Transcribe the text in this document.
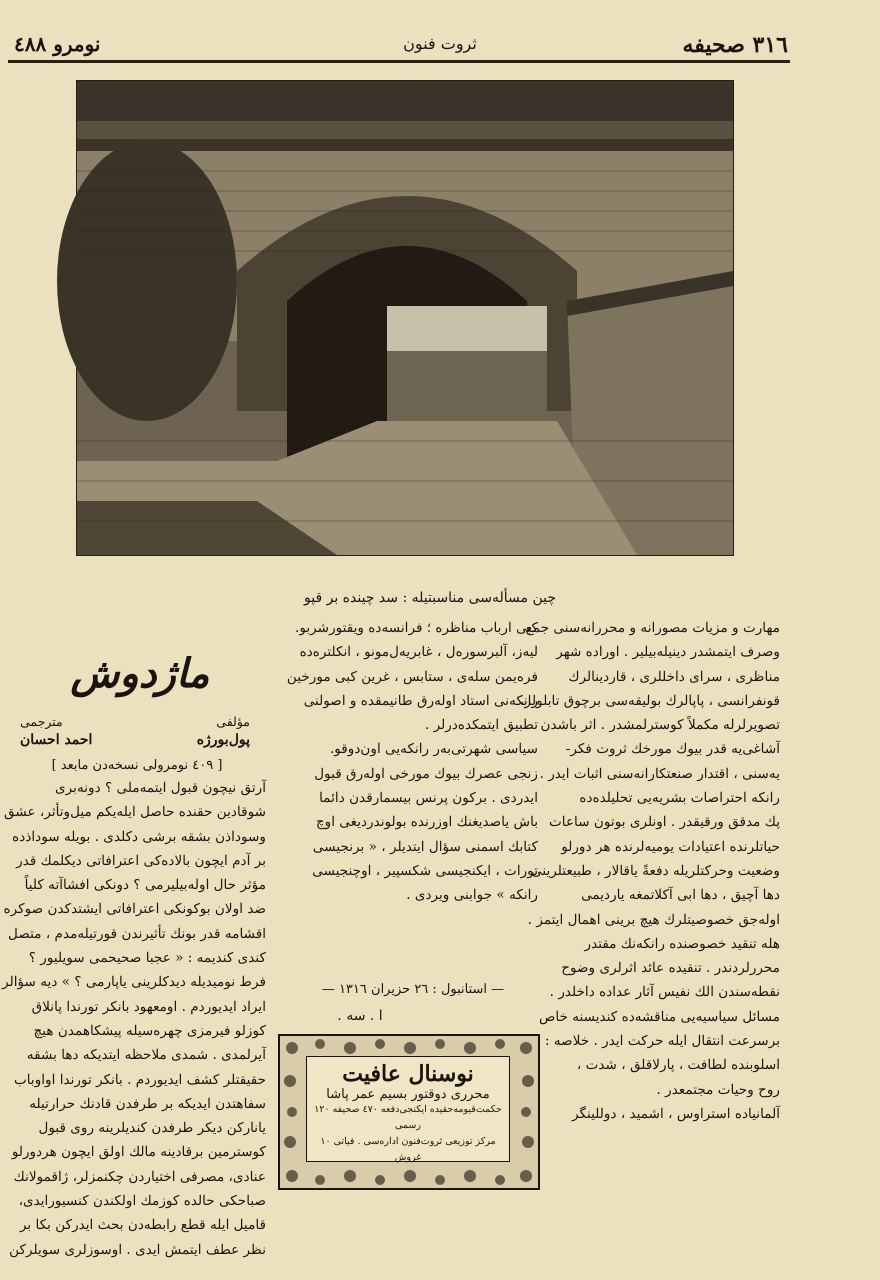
نومرو ٤٨٨	ثروت فنون	٣١٦ صحيفه
چین مسأله‌سی مناسبتیله : سد چینده بر قپو
مهارت و مزیات مصورانه و محررانه‌سنی جمع
وصرف ایتمشدر دینیله‌بیلیر . اوراده شهر
مناظری ، سرای داخللری ، قاردینالرك
قونفرانسی ، پاپالرك بولیقه‌سی برچوق تابلولر،
تصویرلرله مکملاً کوسترلمشدر . اثر باشدن
آشاغی‌یه قدر بیوك مورخك ثروت فکر-
یه‌سنی ، اقتدار صنعتکارانه‌سنی اثبات ایدر .
رانکه احتراصات بشریه‌یی تحلیلده‌ده
پك مدقق ورقیقدر . اونلری بوتون ساعات
حیاتلرنده اعتیادات یومیه‌لرنده هر دورلو
وضعیت وحرکتلریله دفعةً یاقالار ، طبیعتلرینی
دها آچیق ، دها ابی آکلاتمغه یاردیمی
اوله‌جق خصوصیتلرك هیچ برینی اهمال ایتمز .
هله تنقید خصوصنده رانکه‌نك مقتدر
محررلردندر . تنقیده عائد اثرلری وضوح
نقطه‌سندن الك نفیس آثار عداده داخلدر .
مسائل سیاسیه‌یی مناقشه‌ده کندیسنه خاص
برسرعت انتقال ایله حرکت ایدر . خلاصه :
اسلوبنده لطافت ، پارلاقلق ، شدت ،
روح وحیات مجتمعدر .
آلمانیاده استراوس ، اشمید ، دوللینگر
کبی ارباب مناظره ؛ فرانسه‌ده ویقتورشربو.
لیه‌ز، آلبرسورەل ، غابریه‌ل‌مونو ، انکلتره‌ده
فره‌یمن سله‌ی ، ستابس ، غرین کبی مورخین
رانکه‌نی استاد اوله‌رق طانیمقده و اصولنی
تطبیق ایتمکده‌درلر .
سیاسی شهرتی‌بەر رانکه‌یی اون‌دوقو.
زنجی عصرك بیوك مورخی اوله‌رق قبول
ایدردی . برکون پرنس بیسمارقدن دائما
باش یاصدیغنك اوزرنده بولوندردیغی اوچ
کتابك اسمنی سؤال ایتدیلر ، « برنجیسی
تورات ، ایکنجیسی شکسپیر ، اوچنجیسی
رانکه » جوابنی ویردی .
— استانبول : ٢٦ حزیران ١٣١٦ —
ا . سه .
نوسنال عافیت
محرری دوقتور بسیم عمر پاشا
حکمت‌قیومه‌حقیده ایکنجی‌دفعه ٤٧٠ صحیفه ١٢٠ رسمی
مرکز توزیعی ثروت‌فنون اداره‌سی . فیاتی ١٠ غروش
ماژدوش
مؤلفی
مترجمی
پول‌بورژه
احمد احسان
[ ٤٠٩ نومرولی نسخه‌دن مابعد ]
آرتق نیچون قبول ایتمه‌ملی ؟ دونه‌بری
شوقادین حقنده حاصل ایله‌یکم میل‌وتأثر، عشق
وسوداذن بشقه برشی دکلدی . بویله سوداذده
بر آدم ایچون بالاده‌کی اعترافاتی دیکلمك قدر
مؤثر حال اوله‌بیلیرمی ؟ دونکی افشاآته کلیاً
ضد اولان بوکونکی اعترافاتی ایشتدکدن صوکره
اقشامه قدر بونك تأثیرندن قورتیله‌مدم ، متصل
کندی کندیمه : « عجبا صحیحمی سویلیور ؟
فرط نومیدیله دیدکلرینی یاپارمی ؟ » دیه سؤالر
ایراد ایدیوردم . اومعهود بانکر تورندا پانلاق
کوزلو فیرمزی چهره‌سیله پیشکاهمدن هیچ
آیرلمدی . شمدی ملاحظه ایتدیکه دها بشقه
حقیقتلر کشف ایدیوردم . بانکر تورندا اواوباب
سفاهتدن ایدیکه بر طرفدن قادنك حرارتیله
یانارکن دیکر طرفدن کندیلرینه روی قبول
کوسترمین برقادینه مالك اولق ایچون هردورلو
عنادی، مصرفی اختیاردن چکنمزلر، ژاقمولانك
صباحکی حالده کوزمك اولکندن کنسیورایدی،
قامیل ایله قطع رابطه‌دن بحث ایدرکن بکا بر
نظر عطف ایتمش ایدی . اوسوزلری سویلرکن
